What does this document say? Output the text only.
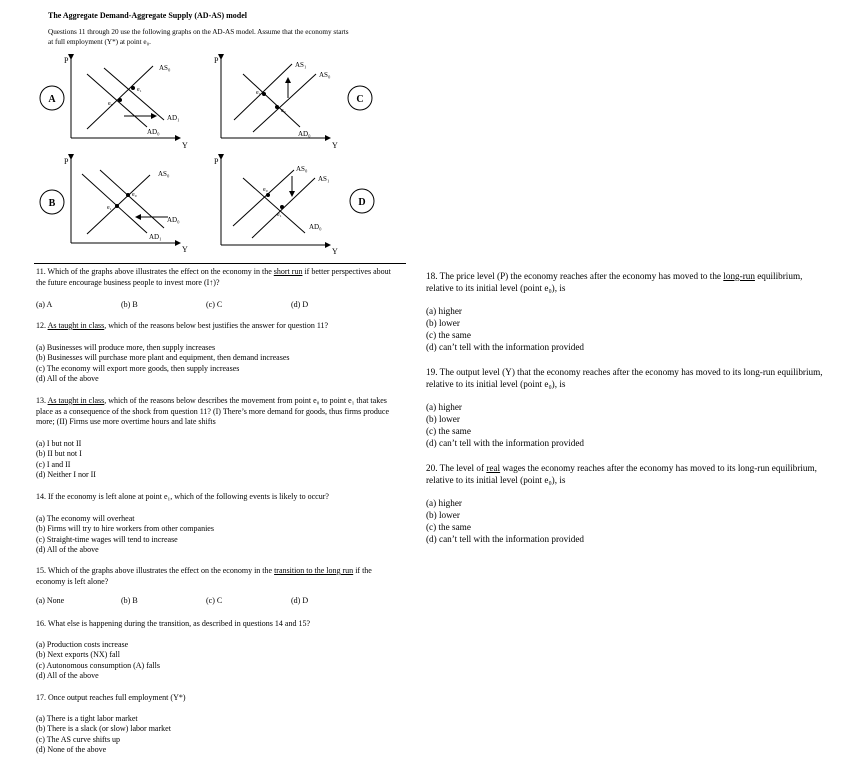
The Aggregate Demand-Aggregate Supply (AD-AS) model
Questions 11 through 20 use the following graphs on the AD-AS model. Assume that the economy starts at full employment (Y*) at point e₀.
P
Y
AS₀
AD₁
AD₀
e₀
e₁
A
P
Y
AS₁
AS₀
AD₀
e₁
e₀
C
P
Y
AS₀
AD₀
AD₁
e₁
e₀
B
P
Y
AS₀
AS₁
AD₀
e₀
e₁
D
11. Which of the graphs above illustrates the effect on the economy in the short run if better perspectives about the future encourage business people to invest more (I↑)?
(a) A	(b) B	(c) C	(d) D
12. As taught in class, which of the reasons below best justifies the answer for question 11?
(a) Businesses will produce more, then supply increases
(b) Businesses will purchase more plant and equipment, then demand increases
(c) The economy will export more goods, then supply increases
(d) All of the above
13. As taught in class, which of the reasons below describes the movement from point e₀ to point e₁ that takes place as a consequence of the shock from question 11? (I) There’s more demand for goods, thus firms produce more; (II) Firms use more overtime hours and late shifts
(a) I but not II
(b) II but not I
(c) I and II
(d) Neither I nor II
14. If the economy is left alone at point e₁, which of the following events is likely to occur?
(a) The economy will overheat
(b) Firms will try to hire workers from other companies
(c) Straight-time wages will tend to increase
(d) All of the above
15. Which of the graphs above illustrates the effect on the economy in the transition to the long run if the economy is left alone?
(a) None	(b) B	(c) C	(d) D
16. What else is happening during the transition, as described in questions 14 and 15?
(a) Production costs increase
(b) Next exports (NX) fall
(c) Autonomous consumption (A) falls
(d) All of the above
17. Once output reaches full employment (Y*)
(a) There is a tight labor market
(b) There is a slack (or slow) labor market
(c) The AS curve shifts up
(d) None of the above
18. The price level (P) the economy reaches after the economy has moved to the long-run equilibrium, relative to its initial level (point e₀), is
(a) higher
(b) lower
(c) the same
(d) can’t tell with the information provided
19. The output level (Y) that the economy reaches after the economy has moved to its long-run equilibrium, relative to its initial level (point e₀), is
(a) higher
(b) lower
(c) the same
(d) can’t tell with the information provided
20. The level of real wages the economy reaches after the economy has moved to its long-run equilibrium, relative to its initial level (point e₀), is
(a) higher
(b) lower
(c) the same
(d) can’t tell with the information provided
